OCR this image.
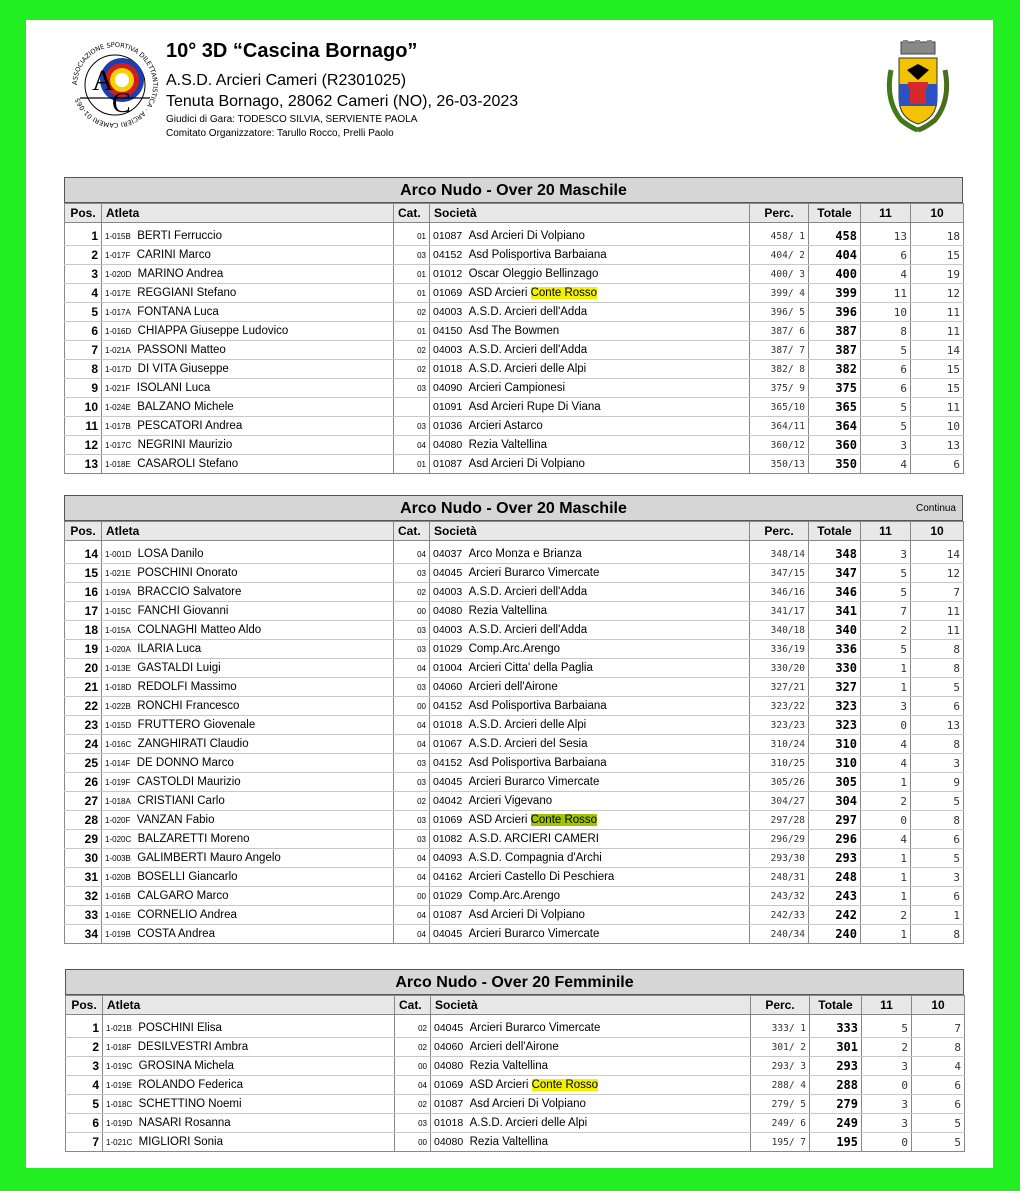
ASSOCIAZIONE SPORTIVA DILETTANTISTICA · ARCIERI CAMERI 01-065
A
C
10° 3D “Cascina Bornago”
A.S.D. Arcieri Cameri (R2301025)
Tenuta Bornago, 28062 Cameri (NO), 26-03-2023
Giudici di Gara: TODESCO SILVIA, SERVIENTE PAOLA
Comitato Organizzatore: Tarullo Rocco, Prelli Paolo
Arco Nudo - Over 20 Maschile
Pos.	Atleta	Cat.	Società	Perc.	Totale	11	10

1	1-015B BERTI Ferruccio	01	01087 Asd Arcieri Di Volpiano	458/ 1	458	13	18
2	1-017F CARINI Marco	03	04152 Asd Polisportiva Barbaiana	404/ 2	404	6	15
3	1-020D MARINO Andrea	01	01012 Oscar Oleggio Bellinzago	400/ 3	400	4	19
4	1-017E REGGIANI Stefano	01	01069 ASD Arcieri Conte Rosso	399/ 4	399	11	12
5	1-017A FONTANA Luca	02	04003 A.S.D. Arcieri dell'Adda	396/ 5	396	10	11
6	1-016D CHIAPPA Giuseppe Ludovico	01	04150 Asd The Bowmen	387/ 6	387	8	11
7	1-021A PASSONI Matteo	02	04003 A.S.D. Arcieri dell'Adda	387/ 7	387	5	14
8	1-017D DI VITA Giuseppe	02	01018 A.S.D. Arcieri delle Alpi	382/ 8	382	6	15
9	1-021F ISOLANI Luca	03	04090 Arcieri Campionesi	375/ 9	375	6	15
10	1-024E BALZANO Michele		01091 Asd Arcieri Rupe Di Viana	365/10	365	5	11
11	1-017B PESCATORI Andrea	03	01036 Arcieri Astarco	364/11	364	5	10
12	1-017C NEGRINI Maurizio	04	04080 Rezia Valtellina	360/12	360	3	13
13	1-018E CASAROLI Stefano	01	01087 Asd Arcieri Di Volpiano	350/13	350	4	6
Arco Nudo - Over 20 Maschile	Continua
Pos.	Atleta	Cat.	Società	Perc.	Totale	11	10

14	1-001D LOSA Danilo	04	04037 Arco Monza e Brianza	348/14	348	3	14
15	1-021E POSCHINI Onorato	03	04045 Arcieri Burarco Vimercate	347/15	347	5	12
16	1-019A BRACCIO Salvatore	02	04003 A.S.D. Arcieri dell'Adda	346/16	346	5	7
17	1-015C FANCHI Giovanni	00	04080 Rezia Valtellina	341/17	341	7	11
18	1-015A COLNAGHI Matteo Aldo	03	04003 A.S.D. Arcieri dell'Adda	340/18	340	2	11
19	1-020A ILARIA Luca	03	01029 Comp.Arc.Arengo	336/19	336	5	8
20	1-013E GASTALDI Luigi	04	01004 Arcieri Citta' della Paglia	330/20	330	1	8
21	1-018D REDOLFI Massimo	03	04060 Arcieri dell'Airone	327/21	327	1	5
22	1-022B RONCHI Francesco	00	04152 Asd Polisportiva Barbaiana	323/22	323	3	6
23	1-015D FRUTTERO Giovenale	04	01018 A.S.D. Arcieri delle Alpi	323/23	323	0	13
24	1-016C ZANGHIRATI Claudio	04	01067 A.S.D. Arcieri del Sesia	310/24	310	4	8
25	1-014F DE DONNO Marco	03	04152 Asd Polisportiva Barbaiana	310/25	310	4	3
26	1-019F CASTOLDI Maurizio	03	04045 Arcieri Burarco Vimercate	305/26	305	1	9
27	1-018A CRISTIANI Carlo	02	04042 Arcieri Vigevano	304/27	304	2	5
28	1-020F VANZAN Fabio	03	01069 ASD Arcieri Conte Rosso	297/28	297	0	8
29	1-020C BALZARETTI Moreno	03	01082 A.S.D. ARCIERI CAMERI	296/29	296	4	6
30	1-003B GALIMBERTI Mauro Angelo	04	04093 A.S.D. Compagnia d'Archi	293/30	293	1	5
31	1-020B BOSELLI Giancarlo	04	04162 Arcieri Castello Di Peschiera	248/31	248	1	3
32	1-016B CALGARO Marco	00	01029 Comp.Arc.Arengo	243/32	243	1	6
33	1-016E CORNELIO Andrea	04	01087 Asd Arcieri Di Volpiano	242/33	242	2	1
34	1-019B COSTA Andrea	04	04045 Arcieri Burarco Vimercate	240/34	240	1	8
Arco Nudo - Over 20 Femminile
Pos.	Atleta	Cat.	Società	Perc.	Totale	11	10

1	1-021B POSCHINI Elisa	02	04045 Arcieri Burarco Vimercate	333/ 1	333	5	7
2	1-018F DESILVESTRI Ambra	02	04060 Arcieri dell'Airone	301/ 2	301	2	8
3	1-019C GROSINA Michela	00	04080 Rezia Valtellina	293/ 3	293	3	4
4	1-019E ROLANDO Federica	04	01069 ASD Arcieri Conte Rosso	288/ 4	288	0	6
5	1-018C SCHETTINO Noemi	02	01087 Asd Arcieri Di Volpiano	279/ 5	279	3	6
6	1-019D NASARI Rosanna	03	01018 A.S.D. Arcieri delle Alpi	249/ 6	249	3	5
7	1-021C MIGLIORI Sonia	00	04080 Rezia Valtellina	195/ 7	195	0	5
